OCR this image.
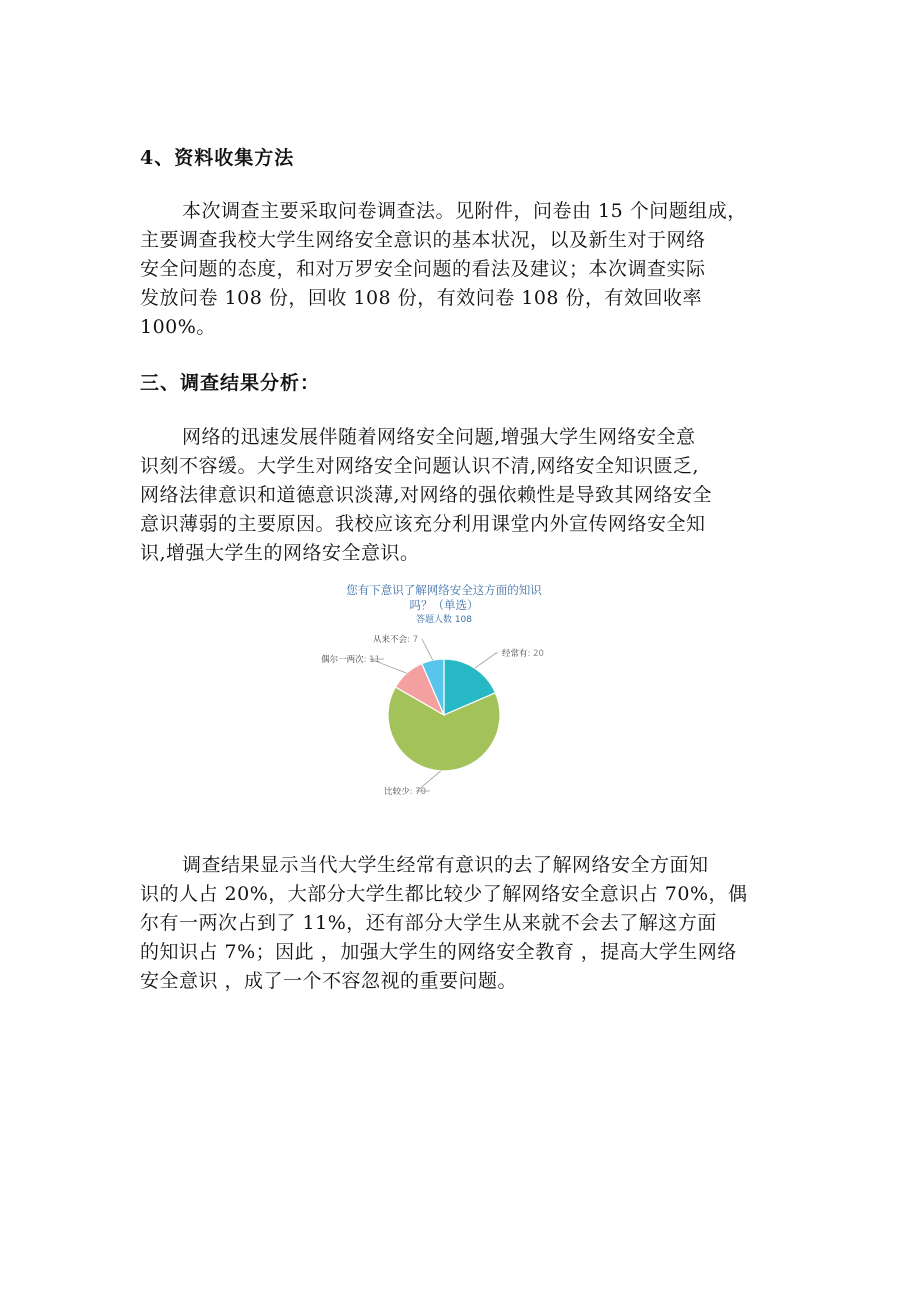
4、资料收集方法

本次调查主要采取问卷调查法。见附件，问卷由 15 个问题组成，
主要调查我校大学生网络安全意识的基本状况，以及新生对于网络
安全问题的态度，和对万罗安全问题的看法及建议；本次调查实际
发放问卷 108 份，回收 108 份，有效问卷 108 份，有效回收率
100%。

三、调查结果分析：

网络的迅速发展伴随着网络安全问题,增强大学生网络安全意
识刻不容缓。大学生对网络安全问题认识不清,网络安全知识匮乏,
网络法律意识和道德意识淡薄,对网络的强依赖性是导致其网络安全
意识薄弱的主要原因。我校应该充分利用课堂内外宣传网络安全知
识,增强大学生的网络安全意识。

您有下意识了解网络安全这方面的知识
吗？（单选）
答题人数 108
经常有: 20
比较少: 70
偶尔一两次: 11
从来不会: 7

调查结果显示当代大学生经常有意识的去了解网络安全方面知
识的人占 20%，大部分大学生都比较少了解网络安全意识占 70%，偶
尔有一两次占到了 11%，还有部分大学生从来就不会去了解这方面
的知识占 7%；因此 ，加强大学生的网络安全教育 ，提高大学生网络
安全意识 ，成了一个不容忽视的重要问题。
